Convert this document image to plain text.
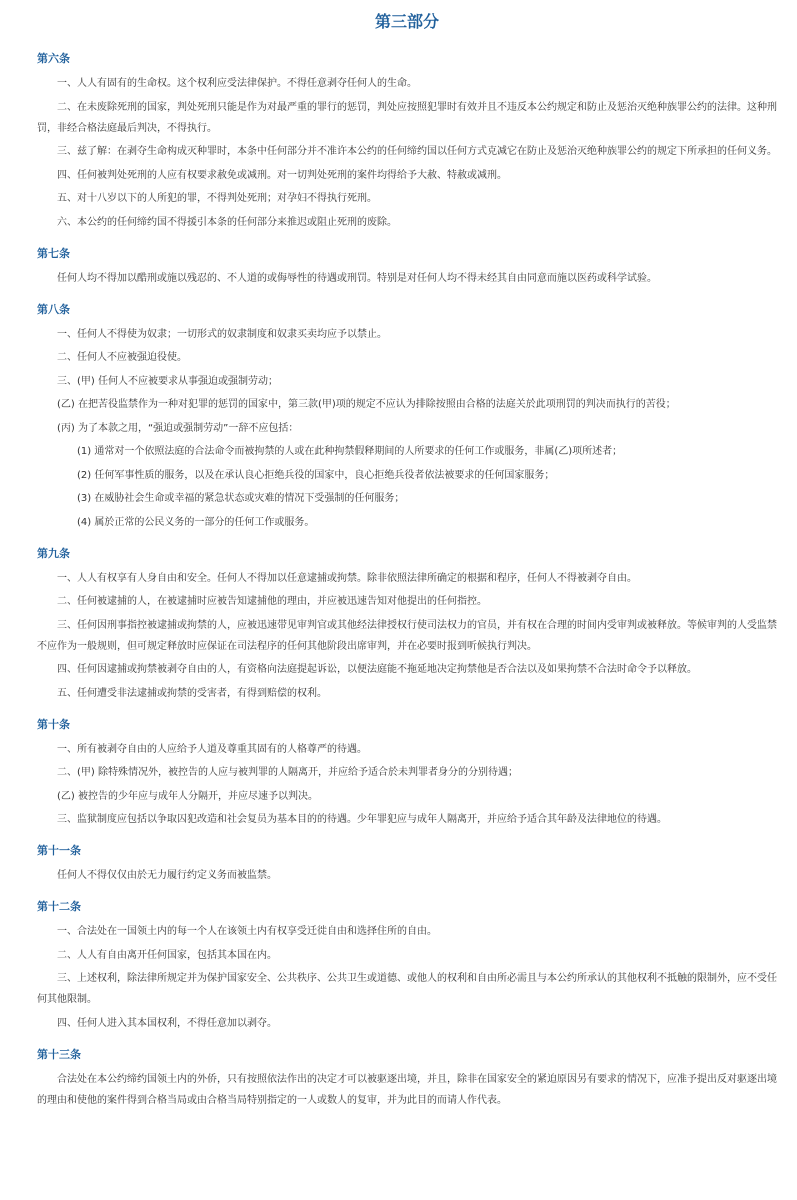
第三部分
第六条

一、人人有固有的生命权。这个权利应受法律保护。不得任意剥夺任何人的生命。

二、在未废除死刑的国家，判处死刑只能是作为对最严重的罪行的惩罚，判处应按照犯罪时有效并且不违反本公约规定和防止及惩治灭绝种族罪公约的法律。这种刑罚，非经合格法庭最后判决，不得执行。

三、兹了解：在剥夺生命构成灭种罪时，本条中任何部分并不准许本公约的任何缔约国以任何方式克减它在防止及惩治灭绝种族罪公约的规定下所承担的任何义务。

四、任何被判处死刑的人应有权要求赦免或减刑。对一切判处死刑的案件均得给予大赦、特赦或减刑。

五、对十八岁以下的人所犯的罪，不得判处死刑；对孕妇不得执行死刑。

六、本公约的任何缔约国不得援引本条的任何部分来推迟或阻止死刑的废除。

第七条

任何人均不得加以酷刑或施以残忍的、不人道的或侮辱性的待遇或刑罚。特别是对任何人均不得未经其自由同意而施以医药或科学试验。

第八条

一、任何人不得使为奴隶；一切形式的奴隶制度和奴隶买卖均应予以禁止。

二、任何人不应被强迫役使。

三、(甲) 任何人不应被要求从事强迫或强制劳动；

(乙) 在把苦役监禁作为一种对犯罪的惩罚的国家中，第三款(甲)项的规定不应认为排除按照由合格的法庭关於此项刑罚的判决而执行的苦役；

(丙) 为了本款之用，“强迫或强制劳动”一辞不应包括：

(1) 通常对一个依照法庭的合法命令而被拘禁的人或在此种拘禁假释期间的人所要求的任何工作或服务，非属(乙)项所述者；

(2) 任何军事性质的服务，以及在承认良心拒绝兵役的国家中，良心拒绝兵役者依法被要求的任何国家服务；

(3) 在威胁社会生命或幸福的紧急状态或灾难的情况下受强制的任何服务；

(4) 属於正常的公民义务的一部分的任何工作或服务。

第九条

一、人人有权享有人身自由和安全。任何人不得加以任意逮捕或拘禁。除非依照法律所确定的根据和程序，任何人不得被剥夺自由。

二、任何被逮捕的人，在被逮捕时应被告知逮捕他的理由，并应被迅速告知对他提出的任何指控。

三、任何因刑事指控被逮捕或拘禁的人，应被迅速带见审判官或其他经法律授权行使司法权力的官员，并有权在合理的时间内受审判或被释放。等候审判的人受监禁不应作为一般规则，但可规定释放时应保证在司法程序的任何其他阶段出席审判，并在必要时报到听候执行判决。

四、任何因逮捕或拘禁被剥夺自由的人，有资格向法庭提起诉讼，以便法庭能不拖延地决定拘禁他是否合法以及如果拘禁不合法时命令予以释放。

五、任何遭受非法逮捕或拘禁的受害者，有得到赔偿的权利。

第十条

一、所有被剥夺自由的人应给予人道及尊重其固有的人格尊严的待遇。

二、(甲) 除特殊情况外，被控告的人应与被判罪的人隔离开，并应给予适合於未判罪者身分的分别待遇；

(乙) 被控告的少年应与成年人分隔开，并应尽速予以判决。

三、监狱制度应包括以争取囚犯改造和社会复员为基本目的的待遇。少年罪犯应与成年人隔离开，并应给予适合其年龄及法律地位的待遇。

第十一条

任何人不得仅仅由於无力履行约定义务而被监禁。

第十二条

一、合法处在一国领土内的每一个人在该领土内有权享受迁徙自由和选择住所的自由。

二、人人有自由离开任何国家，包括其本国在内。

三、上述权利，除法律所规定并为保护国家安全、公共秩序、公共卫生或道德、或他人的权利和自由所必需且与本公约所承认的其他权利不抵触的限制外，应不受任何其他限制。

四、任何人进入其本国权利，不得任意加以剥夺。

第十三条

合法处在本公约缔约国领土内的外侨，只有按照依法作出的决定才可以被驱逐出境，并且，除非在国家安全的紧迫原因另有要求的情况下，应准予提出反对驱逐出境的理由和使他的案件得到合格当局或由合格当局特别指定的一人或数人的复审，并为此目的而请人作代表。
